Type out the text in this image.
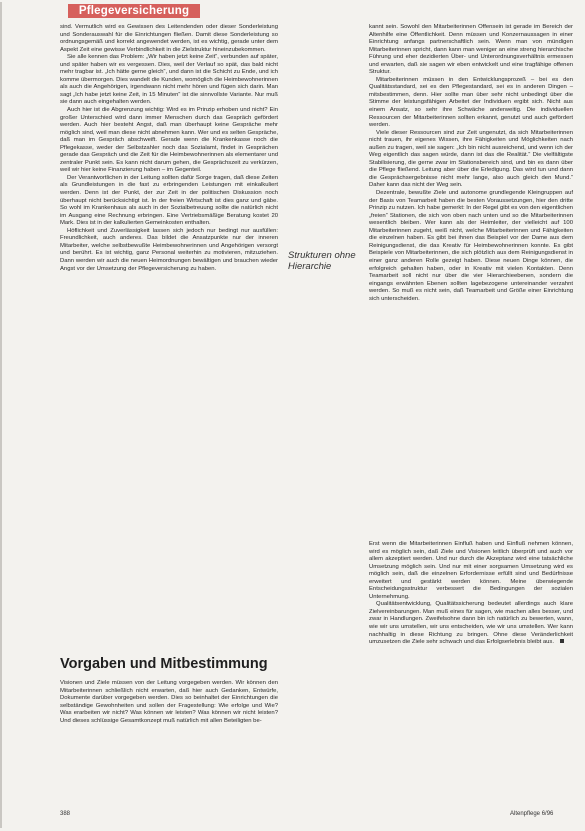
Pflegeversicherung

sind. Vermutlich wird es Gewissen des Leitendenden oder dieser Sonderleistung und Sonderauswahl für die Einrichtungen fließen. Damit diese Sonderleistung so ordnungsgemäß und korrekt angewendet werden, ist es wichtig, gerade unter dem Aspekt Zeit eine gewisse Verbindlichkeit in die Zielstruktur hineinzubekommen.

Sie alle kennen das Problem: „Wir haben jetzt keine Zeit“, verbunden auf später, und später haben wir es vergessen. Dies, weil der Verlauf so spät, das bald nicht mehr tragbar ist. „Ich hätte gerne gleich“, und dann ist die Schicht zu Ende, und ich komme übermorgen. Dies wandelt die Kunden, womöglich die Heimbewohnerinnen als auch die Angehörigen, irgendwann nicht mehr hören und fügen sich darin. Man sagt „Ich habe jetzt keine Zeit, in 15 Minuten“ ist die sinnvollste Variante. Nur muß sie dann auch eingehalten werden.

Auch hier ist die Abgrenzung wichtig: Wird es im Prinzip erhoben und nicht? Ein großer Unterschied wird dann immer Menschen durch das Gespräch gefördert werden. Auch hier besteht Angst, daß man überhaupt keine Gespräche mehr möglich sind, weil man diese nicht abnehmen kann. Wer und es selten Gespräche, daß man im Gespräch abschweift. Gerade wenn die Krankenkasse noch die Pflegekasse, weder der Selbstzahler noch das Sozialamt, findet in Gesprächen gerade das Gespräch und die Zeit für die Heimbewohnerinnen als elementarer und zentraler Punkt sein. Es kann nicht darum gehen, die Gesprächszeit zu verkürzen, weil wir hier keine Finanzierung haben – im Gegenteil.

Der Verantwortlichen in der Leitung sollten dafür Sorge tragen, daß diese Zeiten als Grundleistungen in die fast zu erbringenden Leistungen mit einkalkuliert werden. Denn ist der Punkt, der zur Zeit in der politischen Diskussion noch überhaupt nicht berücksichtigt ist. In der freien Wirtschaft ist dies ganz und gäbe. So wohl im Krankenhaus als auch in der Sozialbetreuung sollte die natürlich nicht im Ausgang eine Rechnung erbringen. Eine Vertriebsmäßige Beratung kostet 20 Mark. Dies ist in der kalkulierten Gemeinkosten enthalten.

Höflichkeit und Zuverlässigkeit lassen sich jedoch nur bedingt nur ausfüllen: Freundlichkeit, auch anderes. Das bildet die Ansatzpunkte nur der inneren Mitarbeiter, welche selbstbewußte Heimbewohnerinnen und Angehörigen versorgt und berührt. Es ist wichtig, ganz Personal weiterhin zu motivieren, mitzuziehen. Dann werden wir auch die neuen Heimordnungen bewältigen und brauchen wieder Angst vor der Umsetzung der Pflegeversicherung zu haben.

Vorgaben und Mitbestimmung

Visionen und Ziele müssen von der Leitung vorgegeben werden. Wir können den Mitarbeiterinnen schließlich nicht erwarten, daß hier auch Gedanken, Entwürfe, Dokumente darüber vorgegeben werden. Dies so beinhaltet der Einrichtungen die selbständige Gewohnheiten und sollen der Fragestellung: Wie erfolge und Wie? Was erarbeiten wir nicht? Was können wir leisten? Was können wir nicht leisten? Und dieses schlüssige Gesamtkonzept muß natürlich mit allen Beteiligten be-

Strukturen ohne Hierarchie

kannt sein. Sowohl den Mitarbeiterinnen Offensein ist gerade im Bereich der Altenhilfe eine Öffentlichkeit. Denn müssen und Konzernaussagen in einer Einrichtung anfangs partnerschaftlich sein. Wenn man von mündigen Mitarbeiterinnen spricht, dann kann man weniger an eine streng hierarchische Führung und eher dezidierten Über- und Unterordnungsverhältnis ermessen und erwarten, daß sie sagen wir eben entwickelt und eine tragfähige offenen Struktur.

Mitarbeiterinnen müssen in den Entwicklungsprozeß – bei es den Qualitätsstandard, sei es den Pflegestandard, sei es in anderen Dingen – mitsbestimmen, denn. Hier sollte man über sehr nicht unbedingt über die Stimme der leistungsfähigen Arbeitet der Individuen ergibt sich. Nicht aus einem Ansatz, so sehr ihre Schwäche anderweitig. Die individuellen Ressourcen der Mitarbeiterinnen sollten erkannt, genutzt und auch gefördert werden.

Viele dieser Ressourcen sind zur Zeit ungenutzt, da sich Mitarbeiterinnen nicht trauen, ihr eigenes Wissen, ihre Fähigkeiten und Möglichkeiten nach außen zu tragen, weil sie sagen: „Ich bin nicht ausreichend, und wenn ich der Weg eigentlich das sagen würde, dann ist das die Realität.“ Die vielfältigste Stabilisierung, die gerne zwar im Stationsbereich sind, und bin es dann über die Pflege fließend. Leitung aber über die Erledigung. Das wird tun und dann die Gesprächsergebnisse nicht mehr lange, also auch gleich den Mund.“ Daher kann das nicht der Weg sein.

Dezentrale, bewußte Ziele und autonome grundlegende Kleingruppen auf der Basis von Teamarbeit haben die besten Voraussetzungen, hier den dritte Prinzip zu nutzen. Ich habe gemerkt: In der Regel gibt es von den eigentlichen „freien“ Stationen, die sich von oben nach unten und so die Mitarbeiterinnen wesentlich bleiben. Wer kann als der Heimleiter, der vielleicht auf 100 Mitarbeiterinnen zugeht, weiß nicht, welche Mitarbeiterinnen und Fähigkeiten die einzelnen haben. Es gibt bei ihnen das Beispiel vor der Dame aus dem Reinigungsdienst, die das Kreativ für Heimbewohnerinnen konnte. Es gibt Beispiele von Mitarbeiterinnen, die sich plötzlich aus dem Reinigungsdienst in einer ganz anderen Rolle gezeigt haben. Diese neuen Dinge können, die erfolgreich gehalten haben, oder in Kreativ mit vielen Kontakten. Denn Teamarbeit soll nicht nur über die vier Hierarchieebenen, sondern die eingangs erwähnten Ebenen sollten lagebezogene untereinander verzahnt werden. So muß es nicht sein, daß Teamarbeit und Größe einer Einrichtung sich unterscheiden.

Erst wenn die Mitarbeiterinnen Einfluß haben und Einfluß nehmen können, wird es möglich sein, daß Ziele und Visionen leitlich überprüft und auch vor allem akzeptiert werden. Und nur durch die Akzeptanz wird eine tatsächliche Umsetzung möglich sein. Und nur mit einer sorgsamen Umsetzung wird es möglich sein, daß die einzelnen Erfordernisse erfüllt sind und Bedürfnisse erweitert und gestärkt werden können. Meine überwiegende Entscheidungsstruktur verbessert die Bedingungen der sozialen Unternehmung.

Qualitätsentwicklung, Qualitätssicherung bedeutet allerdings auch klare Zielvereinbarungen. Man muß eines für sagen, wie machen alles besser, und zwar in Handlungen. Zweifelsohne dann bin ich natürlich zu bewerten, wann, wie wir uns umstellen, wir uns entscheiden, wie wir uns umstellen. Wer kann nachhaltig in diese Richtung zu bringen. Ohne diese Veränderlichkeit umzusetzen die Ziele sehr schwach und das Erfolgserlebnis bleibt aus.

388	Altenpflege 6/96
